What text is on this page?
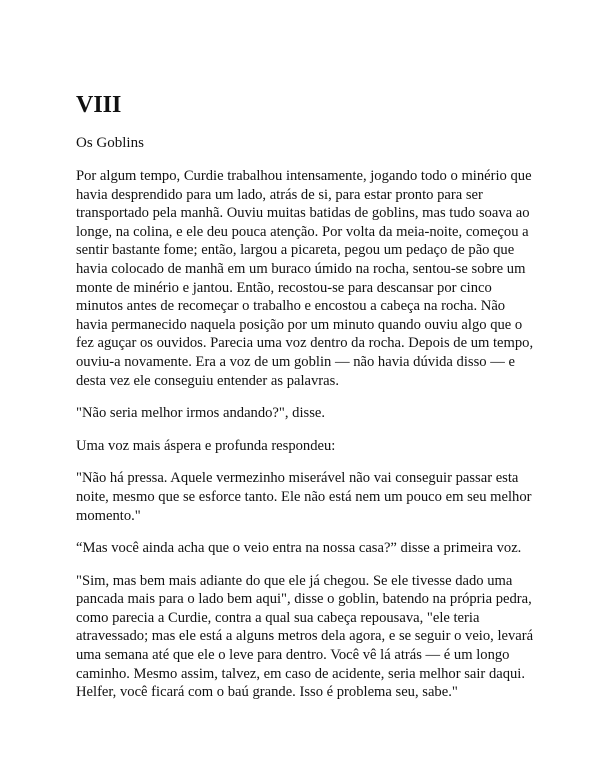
VIII
Os Goblins

Por algum tempo, Curdie trabalhou intensamente, jogando todo o minério que havia desprendido para um lado, atrás de si, para estar pronto para ser transportado pela manhã. Ouviu muitas batidas de goblins, mas tudo soava ao longe, na colina, e ele deu pouca atenção. Por volta da meia-noite, começou a sentir bastante fome; então, largou a picareta, pegou um pedaço de pão que havia colocado de manhã em um buraco úmido na rocha, sentou-se sobre um monte de minério e jantou. Então, recostou-se para descansar por cinco minutos antes de recomeçar o trabalho e encostou a cabeça na rocha. Não havia permanecido naquela posição por um minuto quando ouviu algo que o fez aguçar os ouvidos. Parecia uma voz dentro da rocha. Depois de um tempo, ouviu-a novamente. Era a voz de um goblin — não havia dúvida disso — e desta vez ele conseguiu entender as palavras.

"Não seria melhor irmos andando?", disse.

Uma voz mais áspera e profunda respondeu:

"Não há pressa. Aquele vermezinho miserável não vai conseguir passar esta noite, mesmo que se esforce tanto. Ele não está nem um pouco em seu melhor momento."

“Mas você ainda acha que o veio entra na nossa casa?” disse a primeira voz.

"Sim, mas bem mais adiante do que ele já chegou. Se ele tivesse dado uma pancada mais para o lado bem aqui", disse o goblin, batendo na própria pedra, como parecia a Curdie, contra a qual sua cabeça repousava, "ele teria atravessado; mas ele está a alguns metros dela agora, e se seguir o veio, levará uma semana até que ele o leve para dentro. Você vê lá atrás — é um longo caminho. Mesmo assim, talvez, em caso de acidente, seria melhor sair daqui. Helfer, você ficará com o baú grande. Isso é problema seu, sabe."
